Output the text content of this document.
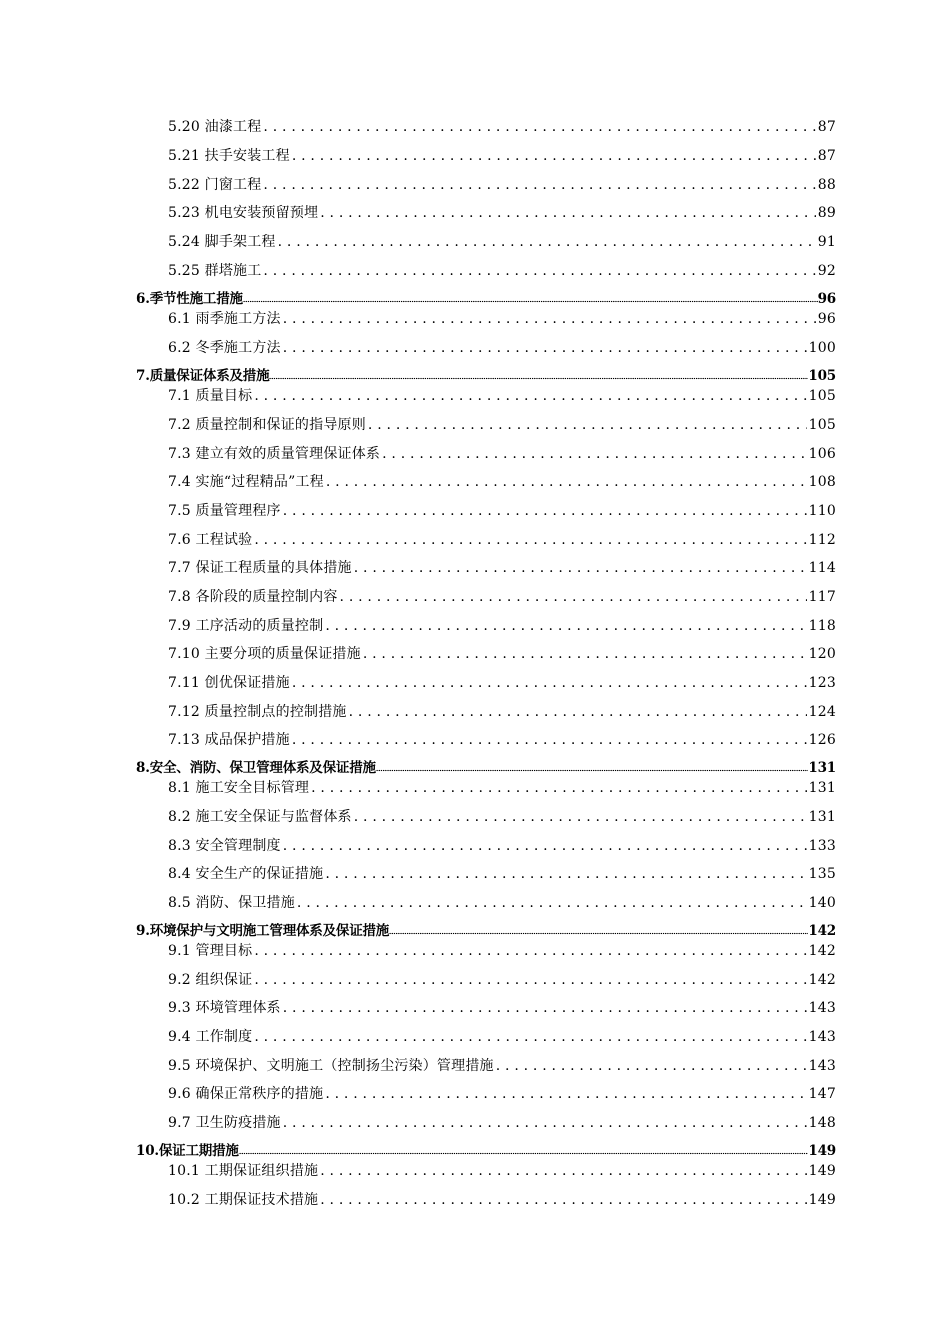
5.20 油漆工程 . . .	87
5.21 扶手安装工程 . . .	87
5.22 门窗工程 . . .	88
5.23 机电安装预留预埋 . . .	89
5.24 脚手架工程 . . .	91
5.25 群塔施工 . . .	92
6.季节性施工措施	96
6.1 雨季施工方法 . . .	96
6.2 冬季施工方法 . . .	100
7.质量保证体系及措施	105
7.1 质量目标 . . .	105
7.2 质量控制和保证的指导原则 . . .	105
7.3 建立有效的质量管理保证体系 . . .	106
7.4 实施“过程精品”工程 . . .	108
7.5 质量管理程序 . . .	110
7.6 工程试验 . . .	112
7.7 保证工程质量的具体措施 . . .	114
7.8 各阶段的质量控制内容 . . .	117
7.9 工序活动的质量控制 . . .	118
7.10 主要分项的质量保证措施 . . .	120
7.11 创优保证措施 . . .	123
7.12 质量控制点的控制措施 . . .	124
7.13 成品保护措施 . . .	126
8.安全、消防、保卫管理体系及保证措施	131
8.1 施工安全目标管理 . . .	131
8.2 施工安全保证与监督体系 . . .	131
8.3 安全管理制度 . . .	133
8.4 安全生产的保证措施 . . .	135
8.5 消防、保卫措施 . . .	140
9.环境保护与文明施工管理体系及保证措施	142
9.1 管理目标 . . .	142
9.2 组织保证 . . .	142
9.3 环境管理体系 . . .	143
9.4 工作制度 . . .	143
9.5 环境保护、文明施工（控制扬尘污染）管理措施 . . .	143
9.6 确保正常秩序的措施 . . .	147
9.7 卫生防疫措施 . . .	148
10.保证工期措施	149
10.1 工期保证组织措施 . . .	149
10.2 工期保证技术措施 . . .	149
